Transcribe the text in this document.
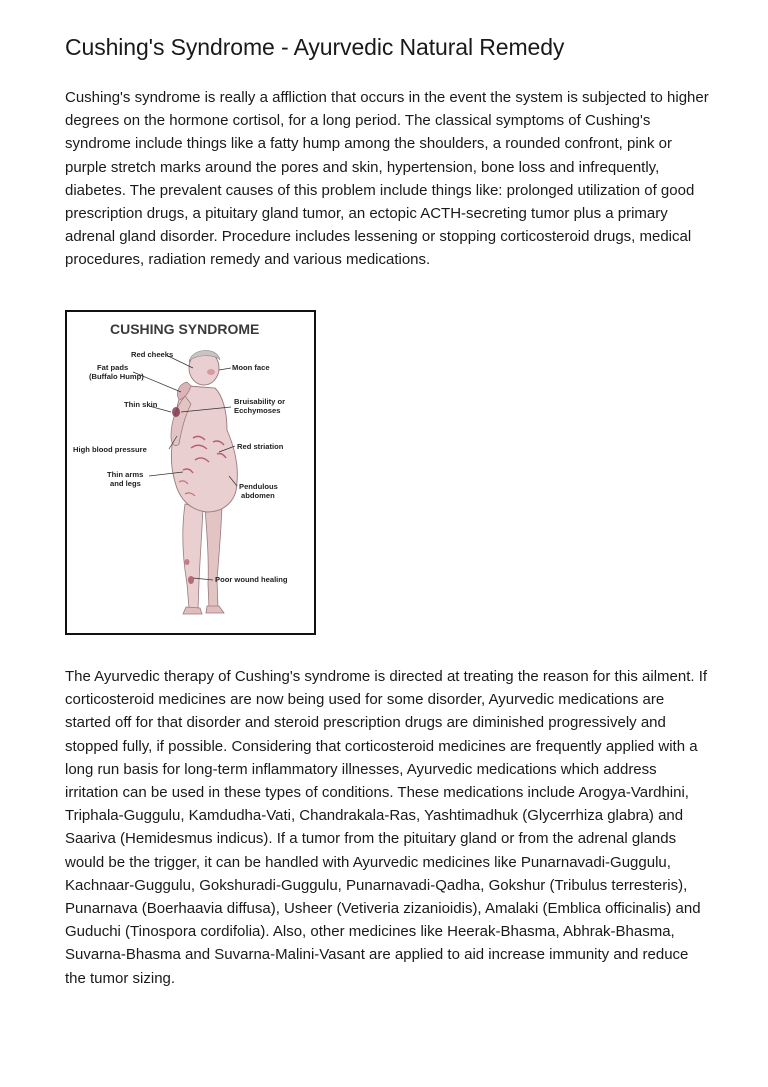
Cushing's Syndrome - Ayurvedic Natural Remedy

Cushing's syndrome is really a affliction that occurs in the event the system is subjected to higher degrees on the hormone cortisol, for a long period. The classical symptoms of Cushing's syndrome include things like a fatty hump among the shoulders, a rounded confront, pink or purple stretch marks around the pores and skin, hypertension, bone loss and infrequently, diabetes. The prevalent causes of this problem include things like: prolonged utilization of good prescription drugs, a pituitary gland tumor, an ectopic ACTH-secreting tumor plus a primary adrenal gland disorder. Procedure includes lessening or stopping corticosteroid drugs, medical procedures, radiation remedy and various medications.

CUSHING SYNDROME
Red cheeks
Moon face
Fat pads
(Buffalo Hump)
Thin skin	Bruisability or
Ecchymoses
High blood pressure	Red striation
Thin arms
and legs	Pendulous
abdomen
Poor wound healing

The Ayurvedic therapy of Cushing's syndrome is directed at treating the reason for this ailment. If corticosteroid medicines are now being used for some disorder, Ayurvedic medications are started off for that disorder and steroid prescription drugs are diminished progressively and stopped fully, if possible. Considering that corticosteroid medicines are frequently applied with a long run basis for long-term inflammatory illnesses, Ayurvedic medications which address irritation can be used in these types of conditions. These medications include Arogya-Vardhini, Triphala-Guggulu, Kamdudha-Vati, Chandrakala-Ras, Yashtimadhuk (Glycerrhiza glabra) and Saariva (Hemidesmus indicus). If a tumor from the pituitary gland or from the adrenal glands would be the trigger, it can be handled with Ayurvedic medicines like Punarnavadi-Guggulu, Kachnaar-Guggulu, Gokshuradi-Guggulu, Punarnavadi-Qadha, Gokshur (Tribulus terresteris), Punarnava (Boerhaavia diffusa), Usheer (Vetiveria zizanioidis), Amalaki (Emblica officinalis) and Guduchi (Tinospora cordifolia). Also, other medicines like Heerak-Bhasma, Abhrak-Bhasma, Suvarna-Bhasma and Suvarna-Malini-Vasant are applied to aid increase immunity and reduce the tumor sizing.
